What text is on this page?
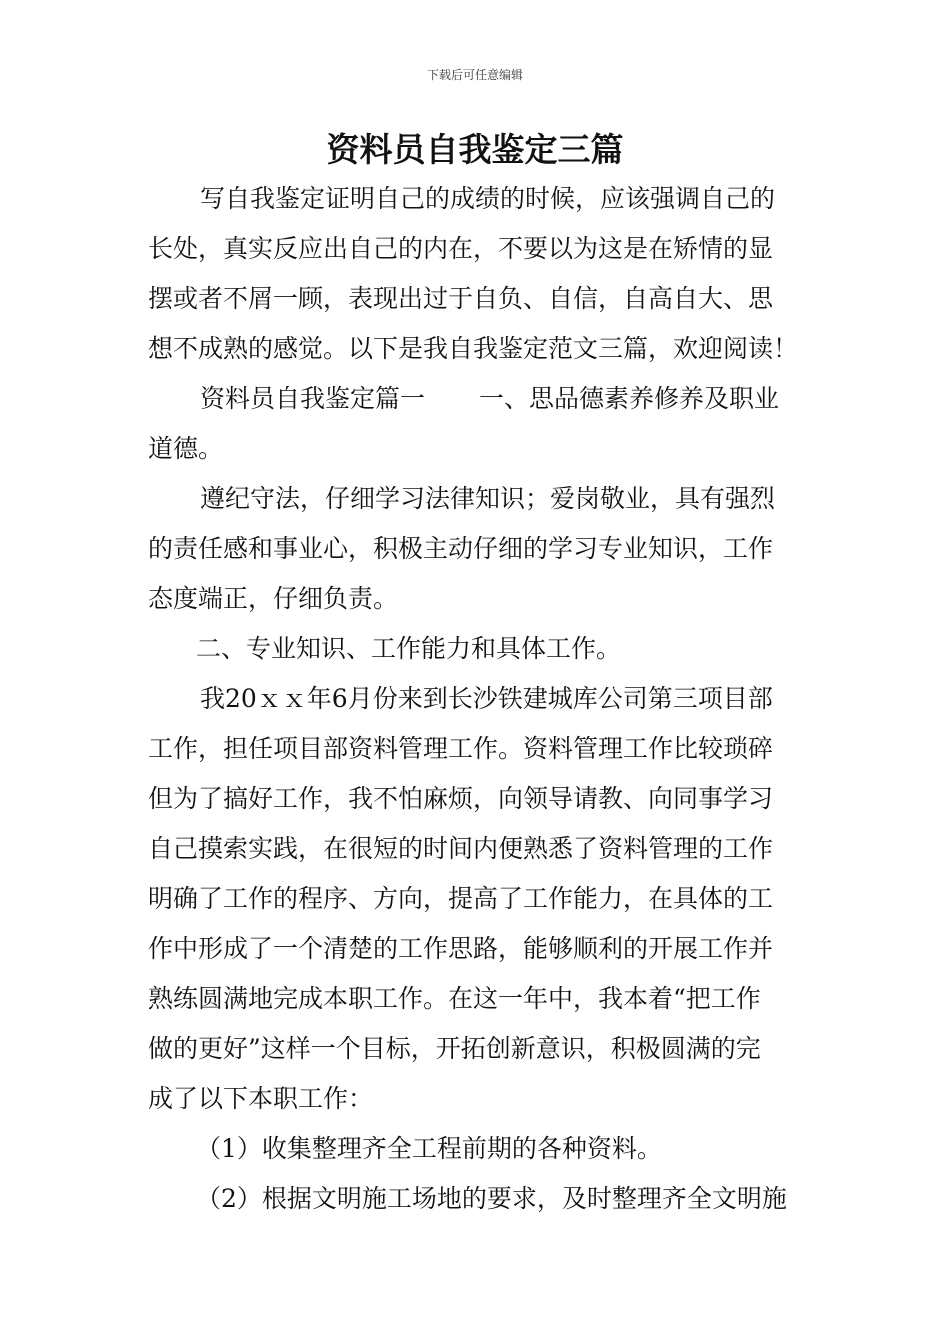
下载后可任意编辑
资料员自我鉴定三篇
写自我鉴定证明自己的成绩的时候，应该强调自己的
长处，真实反应出自己的内在，不要以为这是在矫情的显
摆或者不屑一顾，表现出过于自负、自信，自高自大、思
想不成熟的感觉。以下是我自我鉴定范文三篇，欢迎阅读！
资料员自我鉴定篇一 一、思品德素养修养及职业
道德。
遵纪守法，仔细学习法律知识；爱岗敬业，具有强烈
的责任感和事业心，积极主动仔细的学习专业知识，工作
态度端正，仔细负责。
二、专业知识、工作能力和具体工作。
我20ｘｘ年6月份来到长沙铁建城库公司第三项目部
工作，担任项目部资料管理工作。资料管理工作比较琐碎
但为了搞好工作，我不怕麻烦，向领导请教、向同事学习
自己摸索实践，在很短的时间内便熟悉了资料管理的工作
明确了工作的程序、方向，提高了工作能力，在具体的工
作中形成了一个清楚的工作思路，能够顺利的开展工作并
熟练圆满地完成本职工作。在这一年中，我本着“把工作
做的更好”这样一个目标，开拓创新意识，积极圆满的完
成了以下本职工作：
（1）收集整理齐全工程前期的各种资料。
（2）根据文明施工场地的要求，及时整理齐全文明施
